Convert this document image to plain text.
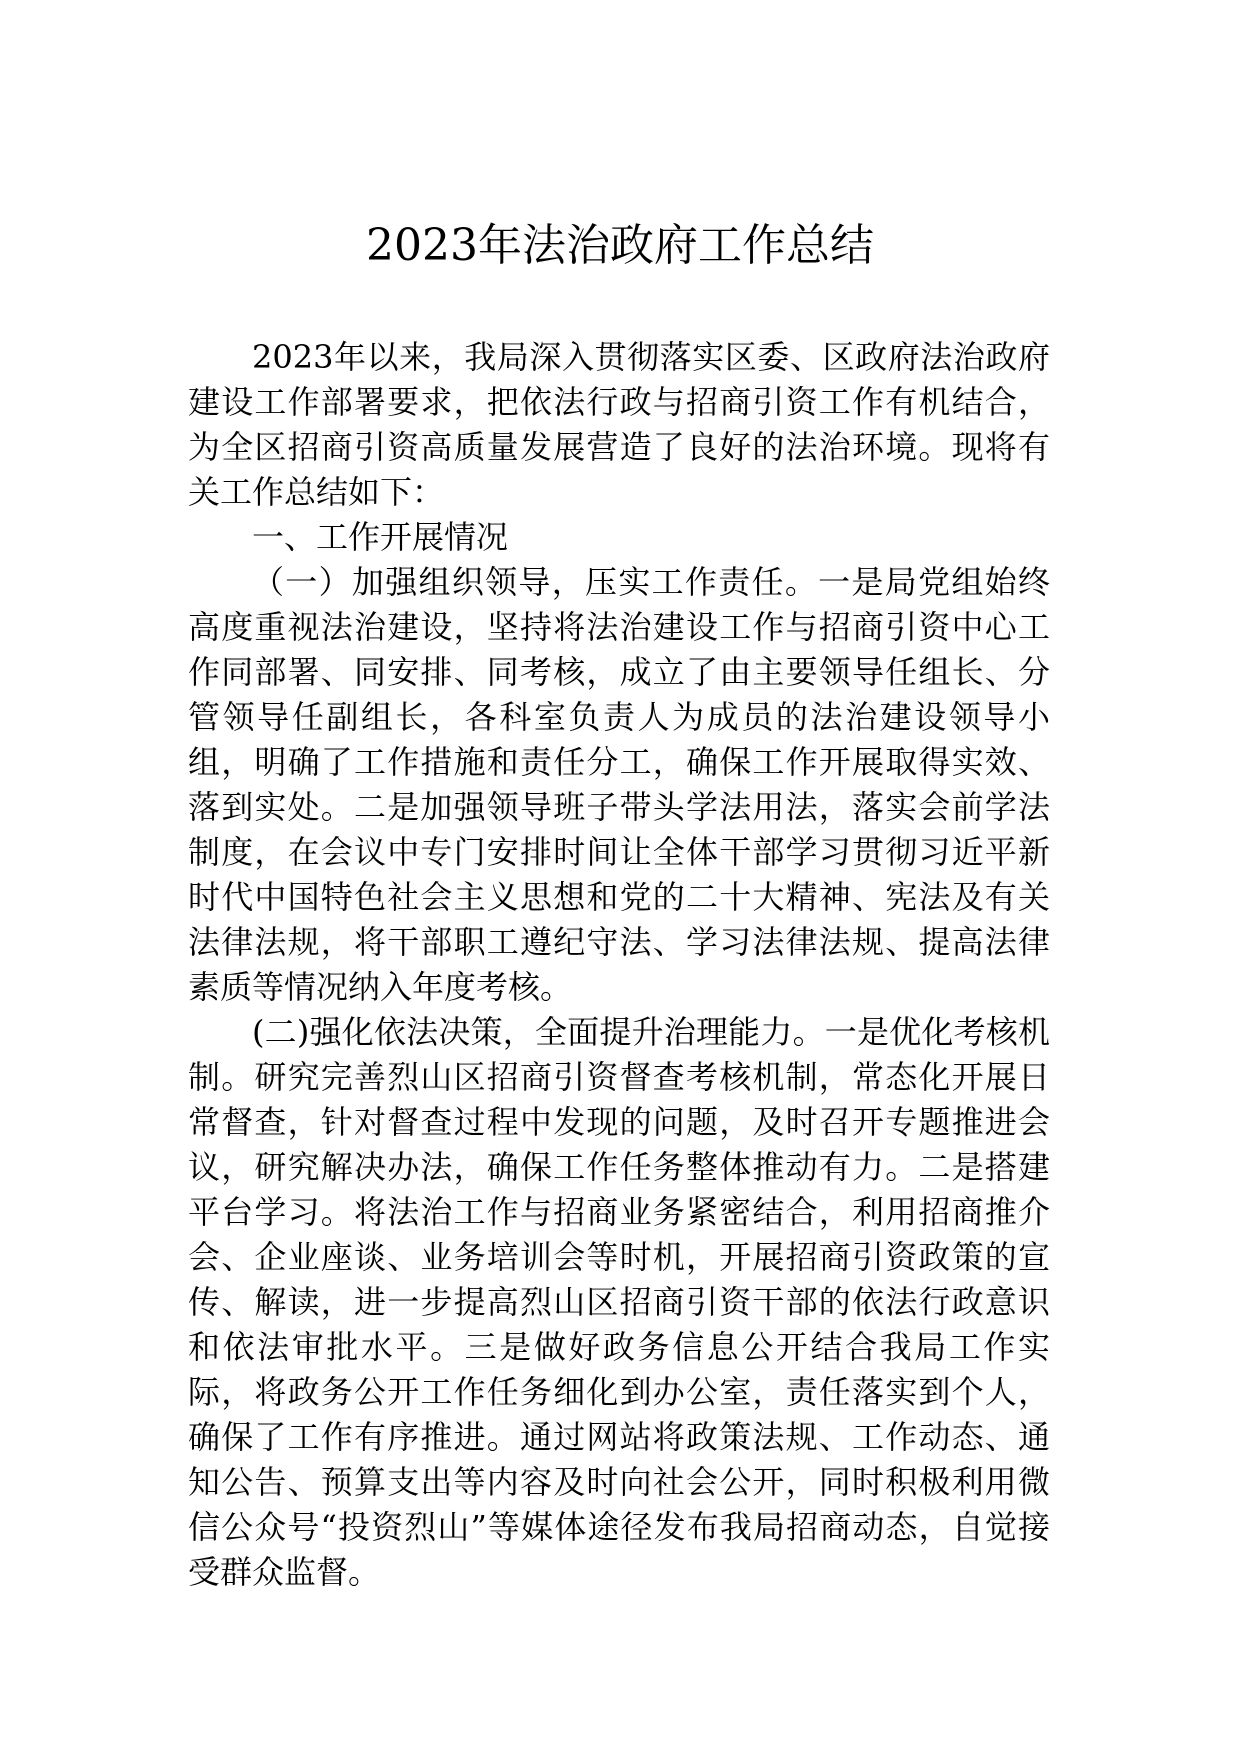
2023年法治政府工作总结

2023年以来，我局深入贯彻落实区委、区政府法治政府建设工作部署要求，把依法行政与招商引资工作有机结合，为全区招商引资高质量发展营造了良好的法治环境。现将有关工作总结如下：

一、工作开展情况

（一）加强组织领导，压实工作责任。一是局党组始终高度重视法治建设，坚持将法治建设工作与招商引资中心工作同部署、同安排、同考核，成立了由主要领导任组长、分管领导任副组长，各科室负责人为成员的法治建设领导小组，明确了工作措施和责任分工，确保工作开展取得实效、落到实处。二是加强领导班子带头学法用法，落实会前学法制度，在会议中专门安排时间让全体干部学习贯彻习近平新时代中国特色社会主义思想和党的二十大精神、宪法及有关法律法规，将干部职工遵纪守法、学习法律法规、提高法律素质等情况纳入年度考核。

(二)强化依法决策，全面提升治理能力。一是优化考核机制。研究完善烈山区招商引资督查考核机制，常态化开展日常督查，针对督查过程中发现的问题，及时召开专题推进会议，研究解决办法，确保工作任务整体推动有力。二是搭建平台学习。将法治工作与招商业务紧密结合，利用招商推介会、企业座谈、业务培训会等时机，开展招商引资政策的宣传、解读，进一步提高烈山区招商引资干部的依法行政意识和依法审批水平。三是做好政务信息公开结合我局工作实际，将政务公开工作任务细化到办公室，责任落实到个人，确保了工作有序推进。通过网站将政策法规、工作动态、通知公告、预算支出等内容及时向社会公开，同时积极利用微信公众号“投资烈山”等媒体途径发布我局招商动态，自觉接受群众监督。
